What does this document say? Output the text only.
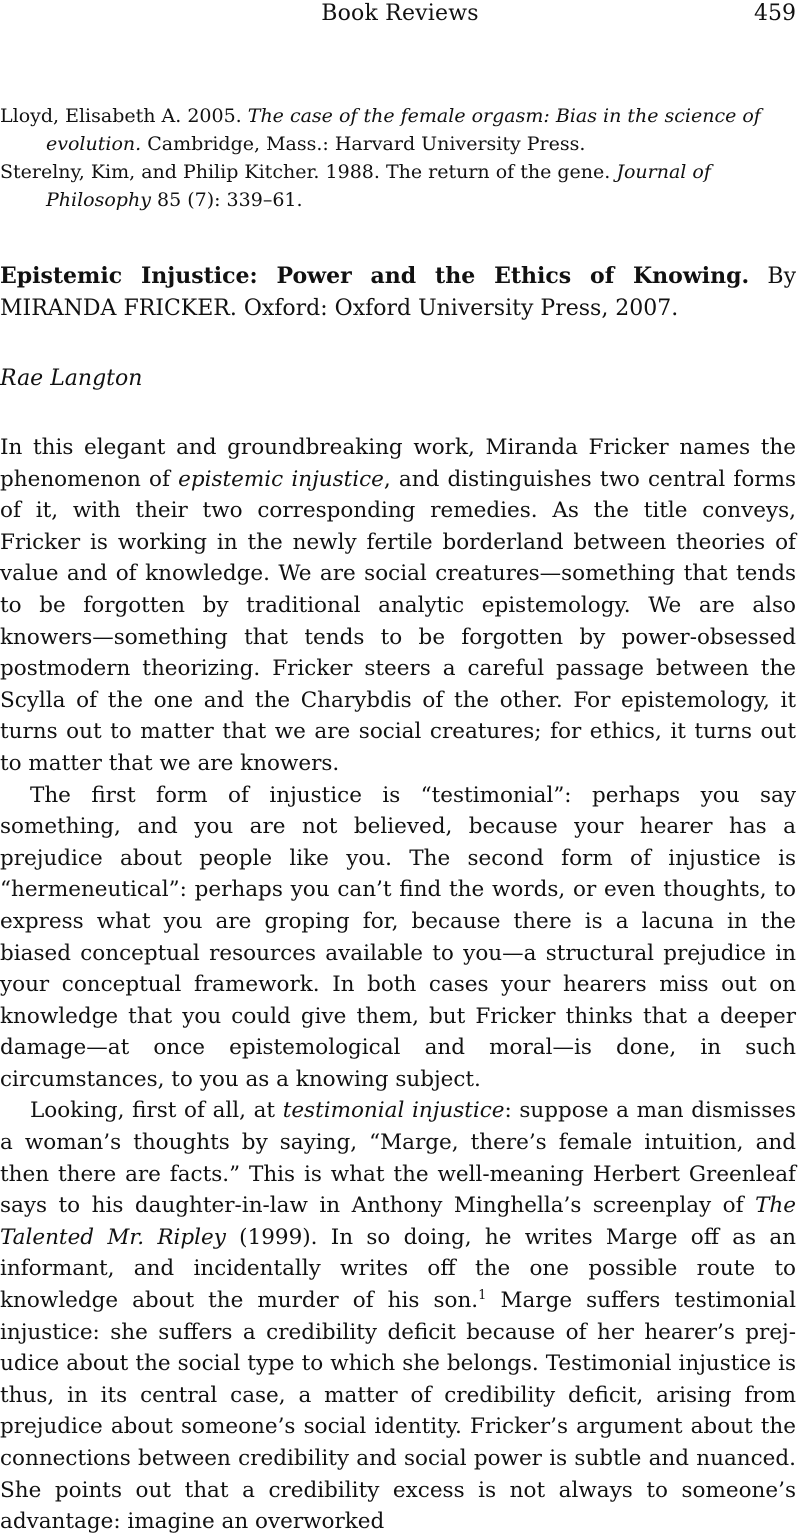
Book Reviews	459

Lloyd, Elisabeth A. 2005. The case of the female orgasm: Bias in the science of evolution. Cambridge, Mass.: Harvard University Press.

Sterelny, Kim, and Philip Kitcher. 1988. The return of the gene. Journal of Philosophy 85 (7): 339–61.

Epistemic Injustice: Power and the Ethics of Knowing. By MIRANDA FRICKER. Oxford: Oxford University Press, 2007.
Rae Langton

In this elegant and groundbreaking work, Miranda Fricker names the phenomenon of epistemic injustice, and distinguishes two central forms of it, with their two corresponding remedies. As the title conveys, Fricker is working in the newly fertile borderland between theories of value and of knowledge. We are social creatures—something that tends to be forgotten by traditional analytic epistemology. We are also knowers—something that tends to be forgotten by power-obsessed postmodern theorizing. Fricker steers a careful passage between the Scylla of the one and the Charybdis of the other. For epistemology, it turns out to matter that we are social creatures; for ethics, it turns out to matter that we are knowers.

The first form of injustice is “testimonial”: perhaps you say something, and you are not believed, because your hearer has a prejudice about people like you. The second form of injustice is “hermeneutical”: perhaps you can’t find the words, or even thoughts, to express what you are groping for, because there is a lacuna in the biased conceptual resources available to you—a structural prejudice in your conceptual framework. In both cases your hearers miss out on knowledge that you could give them, but Fricker thinks that a deeper damage—at once epistemological and moral—is done, in such circumstances, to you as a knowing subject.

Looking, first of all, at testimonial injustice: suppose a man dismisses a woman’s thoughts by saying, “Marge, there’s female intuition, and then there are facts.” This is what the well-meaning Herbert Greenleaf says to his daughter-in-law in Anthony Minghella’s screenplay of The Talented Mr. Ripley (1999). In so doing, he writes Marge off as an informant, and incidentally writes off the one possible route to knowledge about the murder of his son.$^1$ Marge suffers testimonial injustice: she suffers a credibility deficit because of her hearer’s prejudice about the social type to which she belongs. Testimonial injustice is thus, in its central case, a matter of credibility deficit, arising from prejudice about someone’s social identity. Fricker’s argument about the connections between credibility and social power is subtle and nuanced. She points out that a credibility excess is not always to someone’s advantage: imagine an overworked
